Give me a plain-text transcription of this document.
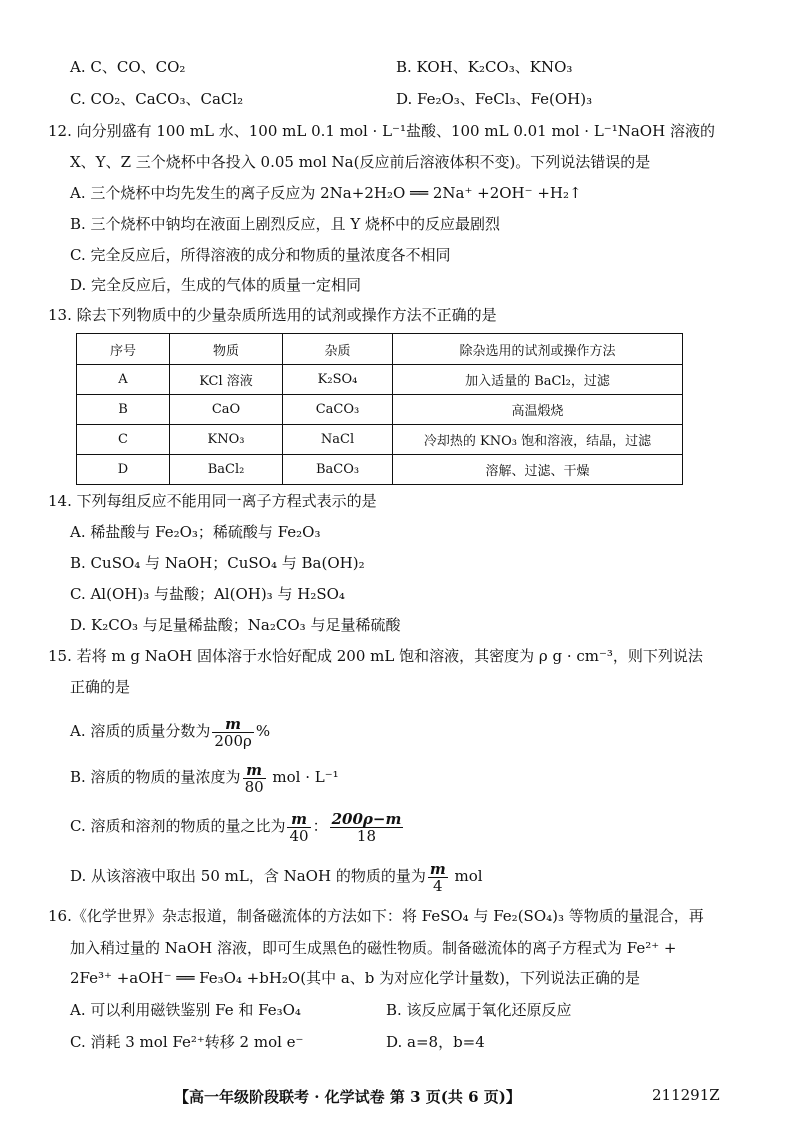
A. C、CO、CO₂	B. KOH、K₂CO₃、KNO₃
C. CO₂、CaCO₃、CaCl₂	D. Fe₂O₃、FeCl₃、Fe(OH)₃
12. 向分别盛有 100 mL 水、100 mL 0.1 mol · L⁻¹盐酸、100 mL 0.01 mol · L⁻¹NaOH 溶液的
X、Y、Z 三个烧杯中各投入 0.05 mol Na(反应前后溶液体积不变)。下列说法错误的是
A. 三个烧杯中均先发生的离子反应为 2Na+2H₂O ══ 2Na⁺ +2OH⁻ +H₂↑
B. 三个烧杯中钠均在液面上剧烈反应，且 Y 烧杯中的反应最剧烈
C. 完全反应后，所得溶液的成分和物质的量浓度各不相同
D. 完全反应后，生成的气体的质量一定相同
13. 除去下列物质中的少量杂质所选用的试剂或操作方法不正确的是
序号	物质	杂质	除杂选用的试剂或操作方法
A	KCl 溶液	K₂SO₄	加入适量的 BaCl₂，过滤
B	CaO	CaCO₃	高温煅烧
C	KNO₃	NaCl	冷却热的 KNO₃ 饱和溶液，结晶，过滤
D	BaCl₂	BaCO₃	溶解、过滤、干燥
14. 下列每组反应不能用同一离子方程式表示的是
A. 稀盐酸与 Fe₂O₃；稀硫酸与 Fe₂O₃
B. CuSO₄ 与 NaOH；CuSO₄ 与 Ba(OH)₂
C. Al(OH)₃ 与盐酸；Al(OH)₃ 与 H₂SO₄
D. K₂CO₃ 与足量稀盐酸；Na₂CO₃ 与足量稀硫酸
15. 若将 m g NaOH 固体溶于水恰好配成 200 mL 饱和溶液，其密度为 ρ g · cm⁻³，则下列说法
正确的是
A. 溶质的质量分数为 $\frac{m}{200\rho}$ %
B. 溶质的物质的量浓度为 $\frac{m}{80}$ mol · L⁻¹
C. 溶质和溶剂的物质的量之比为 $\frac{m}{40}$ ： $\frac{200\rho-m}{18}$
D. 从该溶液中取出 50 mL，含 NaOH 的物质的量为 $\frac{m}{4}$ mol
16.《化学世界》杂志报道，制备磁流体的方法如下：将 FeSO₄ 与 Fe₂(SO₄)₃ 等物质的量混合，再
加入稍过量的 NaOH 溶液，即可生成黑色的磁性物质。制备磁流体的离子方程式为 Fe²⁺ +
2Fe³⁺ +aOH⁻ ══ Fe₃O₄ +bH₂O(其中 a、b 为对应化学计量数)，下列说法正确的是
A. 可以利用磁铁鉴别 Fe 和 Fe₃O₄	B. 该反应属于氧化还原反应
C. 消耗 3 mol Fe²⁺转移 2 mol e⁻	D. a=8，b=4
【高一年级阶段联考 · 化学试卷 第 3 页(共 6 页)】	211291Z
